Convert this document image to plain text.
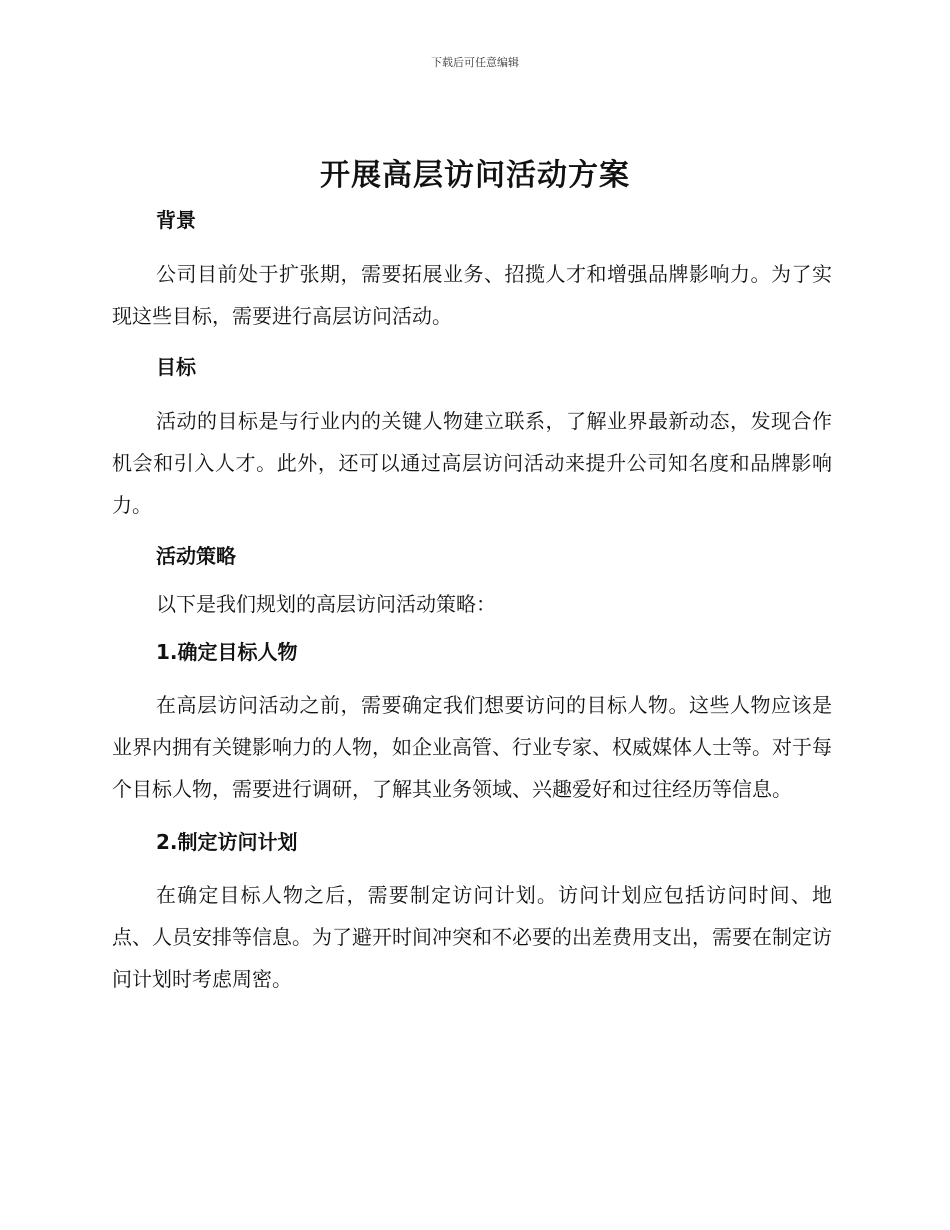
下载后可任意编辑
开展高层访问活动方案
背景

公司目前处于扩张期，需要拓展业务、招揽人才和增强品牌影响力。为了实现这些目标，需要进行高层访问活动。

目标

活动的目标是与行业内的关键人物建立联系，了解业界最新动态，发现合作机会和引入人才。此外，还可以通过高层访问活动来提升公司知名度和品牌影响力。

活动策略

以下是我们规划的高层访问活动策略：

1.确定目标人物

在高层访问活动之前，需要确定我们想要访问的目标人物。这些人物应该是业界内拥有关键影响力的人物，如企业高管、行业专家、权威媒体人士等。对于每个目标人物，需要进行调研，了解其业务领域、兴趣爱好和过往经历等信息。

2.制定访问计划

在确定目标人物之后，需要制定访问计划。访问计划应包括访问时间、地点、人员安排等信息。为了避开时间冲突和不必要的出差费用支出，需要在制定访问计划时考虑周密。
